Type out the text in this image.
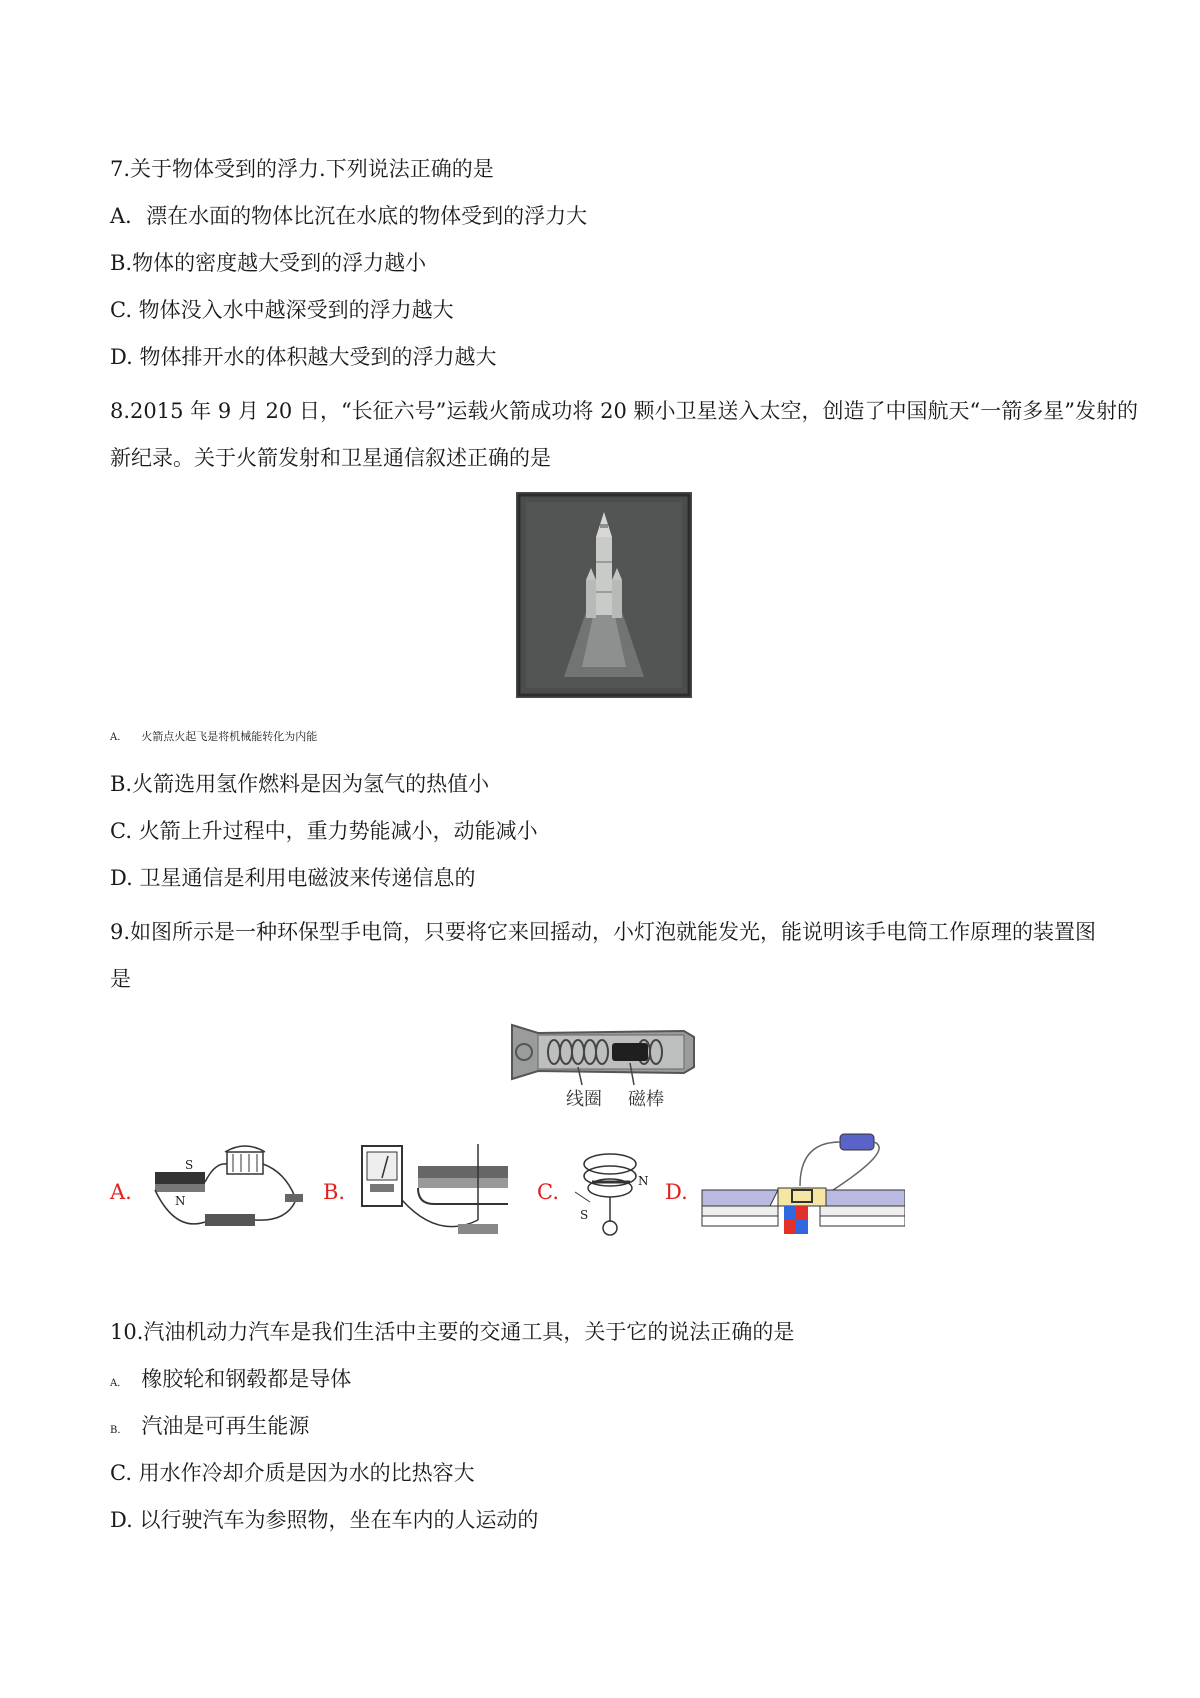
7.关于物体受到的浮力.下列说法正确的是
A．漂在水面的物体比沉在水底的物体受到的浮力大
B.物体的密度越大受到的浮力越小
C. 物体没入水中越深受到的浮力越大
D. 物体排开水的体积越大受到的浮力越大
8.2015 年 9 月 20 日，“长征六号”运载火箭成功将 20 颗小卫星送入太空，创造了中国航天“一箭多星”发射的
新纪录。关于火箭发射和卫星通信叙述正确的是
A． 火箭点火起飞是将机械能转化为内能
B.火箭选用氢作燃料是因为氢气的热值小
C. 火箭上升过程中，重力势能减小，动能减小
D. 卫星通信是利用电磁波来传递信息的
9.如图所示是一种环保型手电筒，只要将它来回摇动，小灯泡就能发光，能说明该手电筒工作原理的装置图
是
线圈 磁棒
A.
S
N	B.	C.	N
S
D.
10.汽油机动力汽车是我们生活中主要的交通工具，关于它的说法正确的是
A． 橡胶轮和钢毂都是导体
B． 汽油是可再生能源
C. 用水作冷却介质是因为水的比热容大
D. 以行驶汽车为参照物，坐在车内的人运动的
